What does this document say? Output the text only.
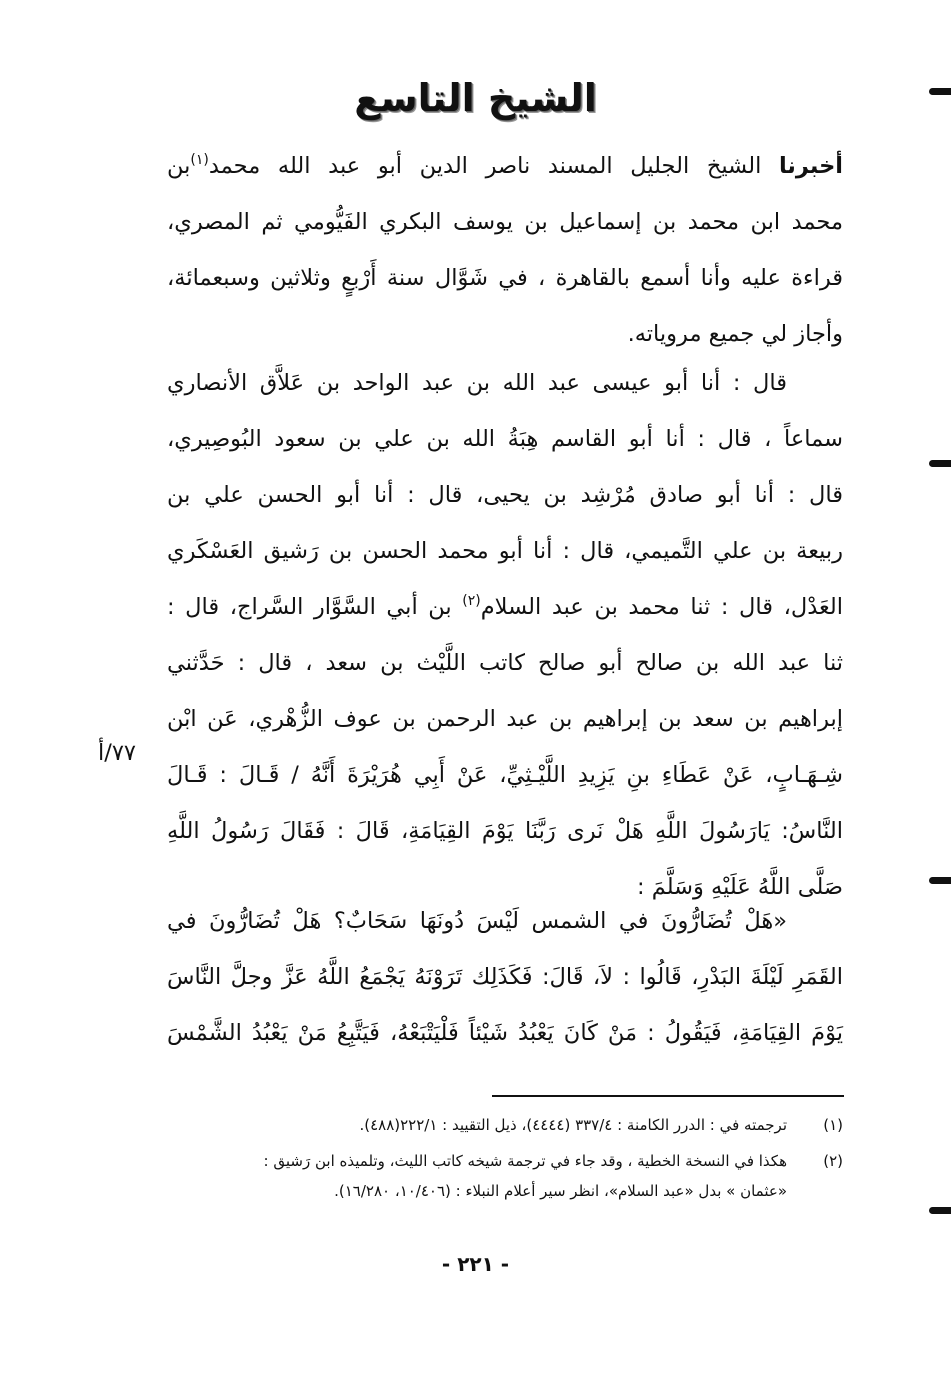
الشيخ التاسع
أخبرنا الشيخ الجليل المسند ناصر الدين أبو عبد الله محمد$^{(١)}$بن
محمد ابن محمد بن إسماعيل بن يوسف البكري الفَيُّومي ثم المصري،
قراءة عليه وأنا أسمع بالقاهرة ، في شَوَّال سنة أَرْبعٍ وثلاثين وسبعمائة،
وأجاز لي جميع مروياته.
قال : أنا أبو عيسى عبد الله بن عبد الواحد بن عَلاَّق الأنصاري
سماعاً ، قال : أنا أبو القاسم هِبَةُ الله بن علي بن سعود البُوصِيري،
قال : أنا أبو صادق مُرْشِد بن يحيى، قال : أنا أبو الحسن علي بن
ربيعة بن علي التَّميمي، قال : أنا أبو محمد الحسن بن رَشيق العَسْكَري
العَدْل، قال : ثنا محمد بن عبد السلام$^{(٢)}$ بن أبي السَّوَّار السَّراج، قال :
ثنا عبد الله بن صالح أبو صالح كاتب اللَّيْث بن سعد ، قال : حَدَّثني
إبراهيم بن سعد بن إبراهيم بن عبد الرحمن بن عوف الزُّهْري، عَن ابْن
شِـهَـابٍ، عَنْ عَطَاءِ بنِ يَزِيدِ اللَّيْـثِيِّ، عَنْ أَبِي هُرَيْرَةَ أَنَّهُ / قَـالَ : قَـالَ
النَّاسُ: يَارَسُولَ اللَّهِ هَلْ نَرى رَبَّنَا يَوْمَ القِيَامَةِ، قَالَ : فَقَالَ رَسُولُ اللَّهِ
صَلَّى اللَّهُ عَلَيْهِ وَسَلَّمَ :
٧٧/أ
«هَلْ تُضَارُّونَ في الشمس لَيْسَ دُونَهَا سَحَابٌ؟ هَلْ تُضَارُّونَ في
القَمَرِ لَيْلَةَ البَدْرِ، قَالُوا : لاَ، قَالَ: فَكَذَلِك تَرَوْنَهُ يَجْمَعُ اللَّهُ عَزَّ وجلَّ النَّاسَ
يَوْمَ القِيَامَةِ، فَيَقُولُ : مَنْ كَانَ يَعْبُدُ شَيْئاً فَلْيَتْبَعْهُ، فَيَتَّبِعُ مَنْ يَعْبُدُ الشَّمْسَ
(١)
ترجمته في : الدرر الكامنة : ٣٣٧/٤ (٤٤٤٤)، ذيل التقييد : ٢٢٢/١(٤٨٨).
(٢)
هكذا في النسخة الخطية ، وقد جاء في ترجمة شيخه كاتب الليث، وتلميذه ابن رَشيق :
«عثمان » بدل «عبد السلام»، انظر سير أعلام النبلاء : (١٠/٤٠٦، ١٦/٢٨٠).
- ٢٢١ -
